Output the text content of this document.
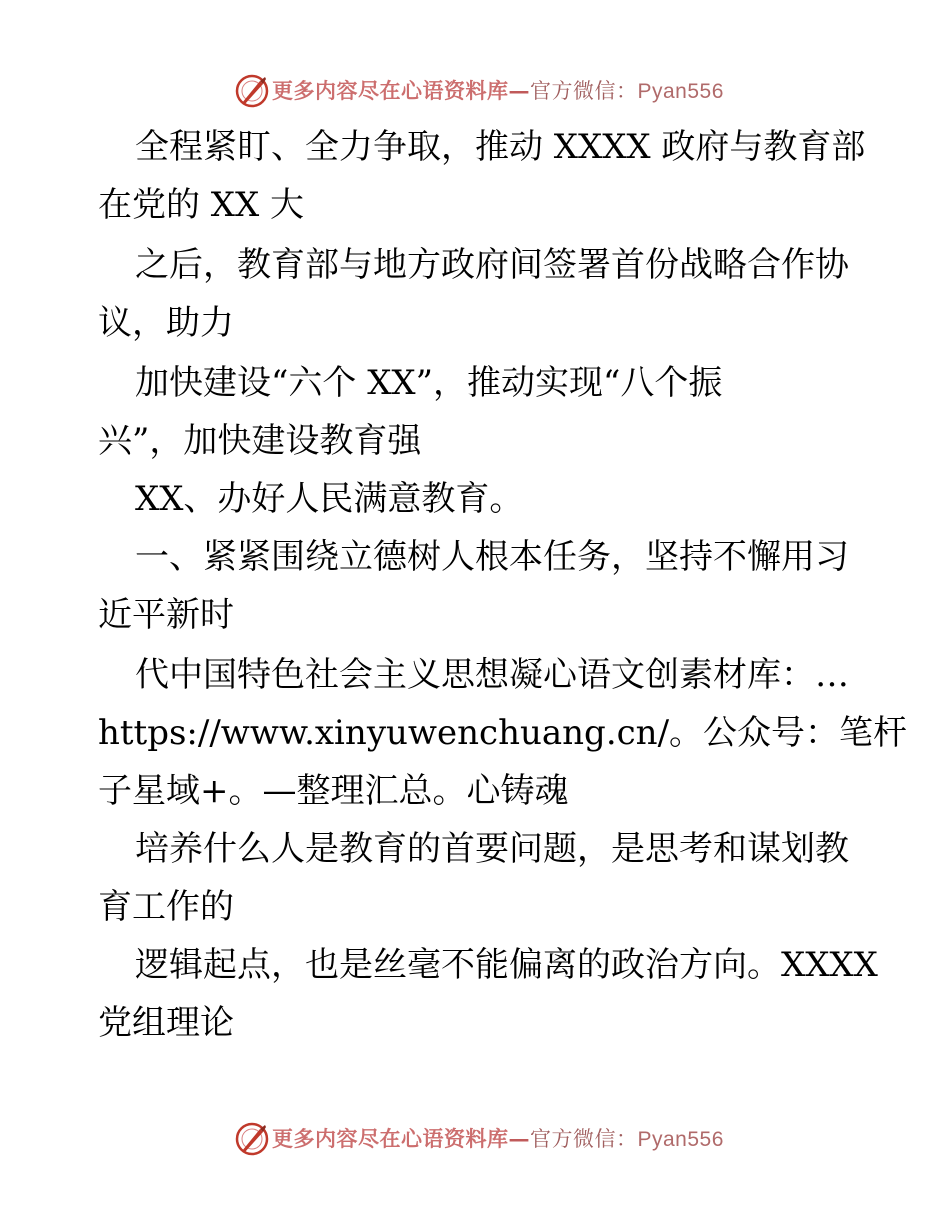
更多内容尽在心语资料库—官方微信：Pyan556
全程紧盯、全力争取，推动 XXXX 政府与教育部
在党的 XX 大
之后，教育部与地方政府间签署首份战略合作协
议，助力
加快建设“六个 XX”，推动实现“八个振
兴”，加快建设教育强
XX、办好人民满意教育。
一、紧紧围绕立德树人根本任务，坚持不懈用习
近平新时
代中国特色社会主义思想凝心语文创素材库：…
https://www.xinyuwenchuang.cn/。公众号：笔杆
子星域+。—整理汇总。心铸魂
培养什么人是教育的首要问题，是思考和谋划教
育工作的
逻辑起点，也是丝毫不能偏离的政治方向。XXXX
党组理论
更多内容尽在心语资料库—官方微信：Pyan556
